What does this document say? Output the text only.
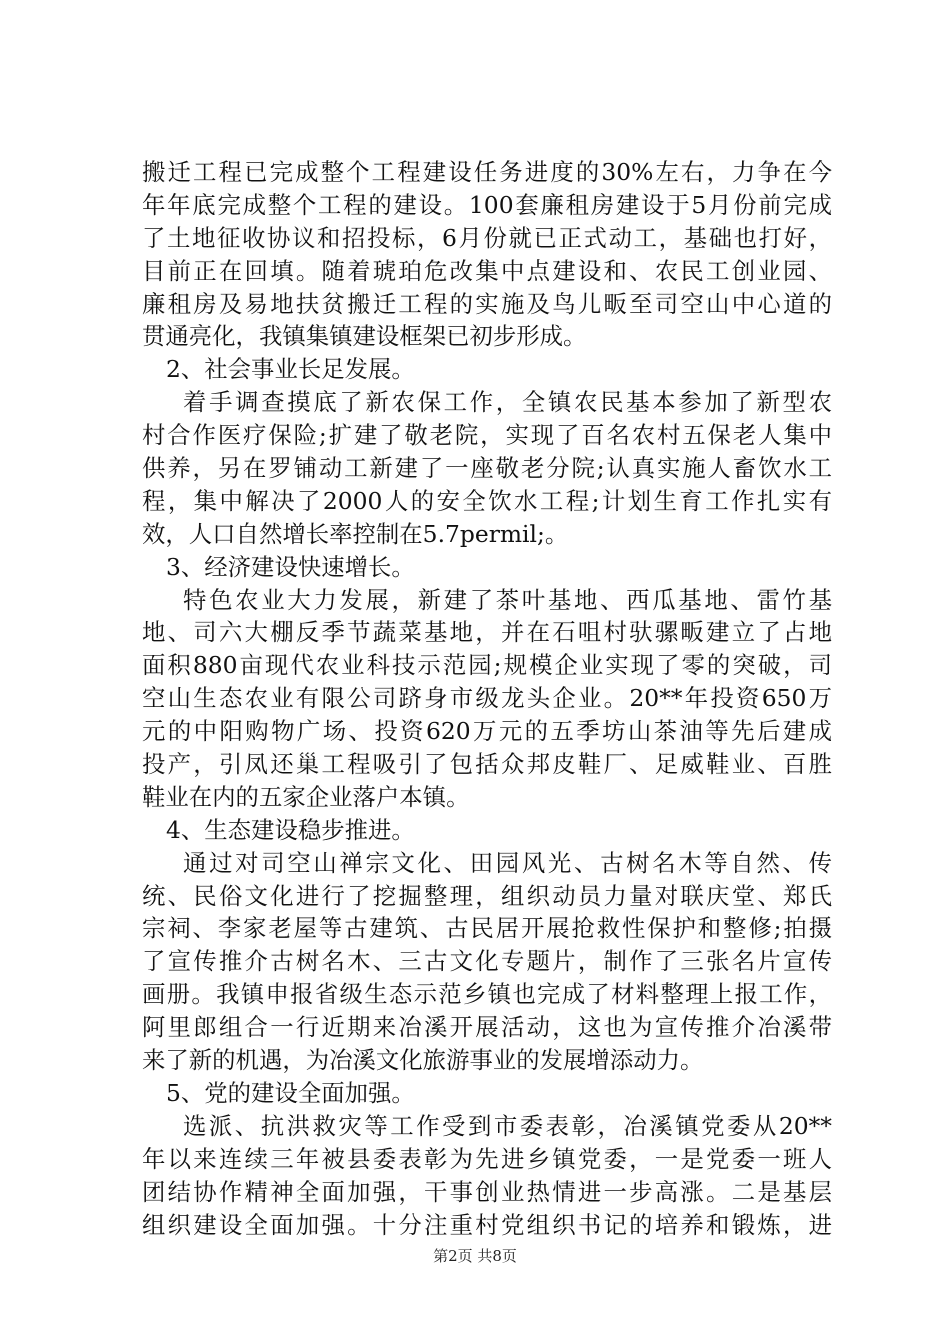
搬迁工程已完成整个工程建设任务进度的30%左右，力争在今
年年底完成整个工程的建设。100套廉租房建设于5月份前完成
了土地征收协议和招投标，6月份就已正式动工，基础也打好，
目前正在回填。随着琥珀危改集中点建设和、农民工创业园、
廉租房及易地扶贫搬迁工程的实施及鸟儿畈至司空山中心道的
贯通亮化，我镇集镇建设框架已初步形成。
2、社会事业长足发展。
着手调查摸底了新农保工作，全镇农民基本参加了新型农
村合作医疗保险;扩建了敬老院，实现了百名农村五保老人集中
供养，另在罗铺动工新建了一座敬老分院;认真实施人畜饮水工
程，集中解决了2000人的安全饮水工程;计划生育工作扎实有
效，人口自然增长率控制在5.7permil;。
3、经济建设快速增长。
特色农业大力发展，新建了茶叶基地、西瓜基地、雷竹基
地、司六大棚反季节蔬菜基地，并在石咀村驮骡畈建立了占地
面积880亩现代农业科技示范园;规模企业实现了零的突破，司
空山生态农业有限公司跻身市级龙头企业。20**年投资650万
元的中阳购物广场、投资620万元的五季坊山茶油等先后建成
投产，引凤还巢工程吸引了包括众邦皮鞋厂、足威鞋业、百胜
鞋业在内的五家企业落户本镇。
4、生态建设稳步推进。
通过对司空山禅宗文化、田园风光、古树名木等自然、传
统、民俗文化进行了挖掘整理，组织动员力量对联庆堂、郑氏
宗祠、李家老屋等古建筑、古民居开展抢救性保护和整修;拍摄
了宣传推介古树名木、三古文化专题片，制作了三张名片宣传
画册。我镇申报省级生态示范乡镇也完成了材料整理上报工作，
阿里郎组合一行近期来冶溪开展活动，这也为宣传推介冶溪带
来了新的机遇，为冶溪文化旅游事业的发展增添动力。
5、党的建设全面加强。
选派、抗洪救灾等工作受到市委表彰，冶溪镇党委从20**
年以来连续三年被县委表彰为先进乡镇党委，一是党委一班人
团结协作精神全面加强，干事创业热情进一步高涨。二是基层
组织建设全面加强。十分注重村党组织书记的培养和锻炼，进
第2页 共8页
